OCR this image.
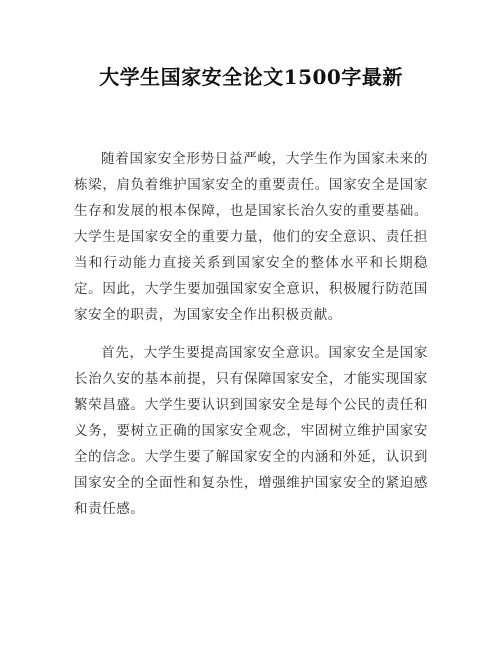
大学生国家安全论文1500字最新

随着国家安全形势日益严峻，大学生作为国家未来的栋梁，肩负着维护国家安全的重要责任。国家安全是国家生存和发展的根本保障，也是国家长治久安的重要基础。大学生是国家安全的重要力量，他们的安全意识、责任担当和行动能力直接关系到国家安全的整体水平和长期稳定。因此，大学生要加强国家安全意识，积极履行防范国家安全的职责，为国家安全作出积极贡献。

首先，大学生要提高国家安全意识。国家安全是国家长治久安的基本前提，只有保障国家安全，才能实现国家繁荣昌盛。大学生要认识到国家安全是每个公民的责任和义务，要树立正确的国家安全观念，牢固树立维护国家安全的信念。大学生要了解国家安全的内涵和外延，认识到国家安全的全面性和复杂性，增强维护国家安全的紧迫感和责任感。
